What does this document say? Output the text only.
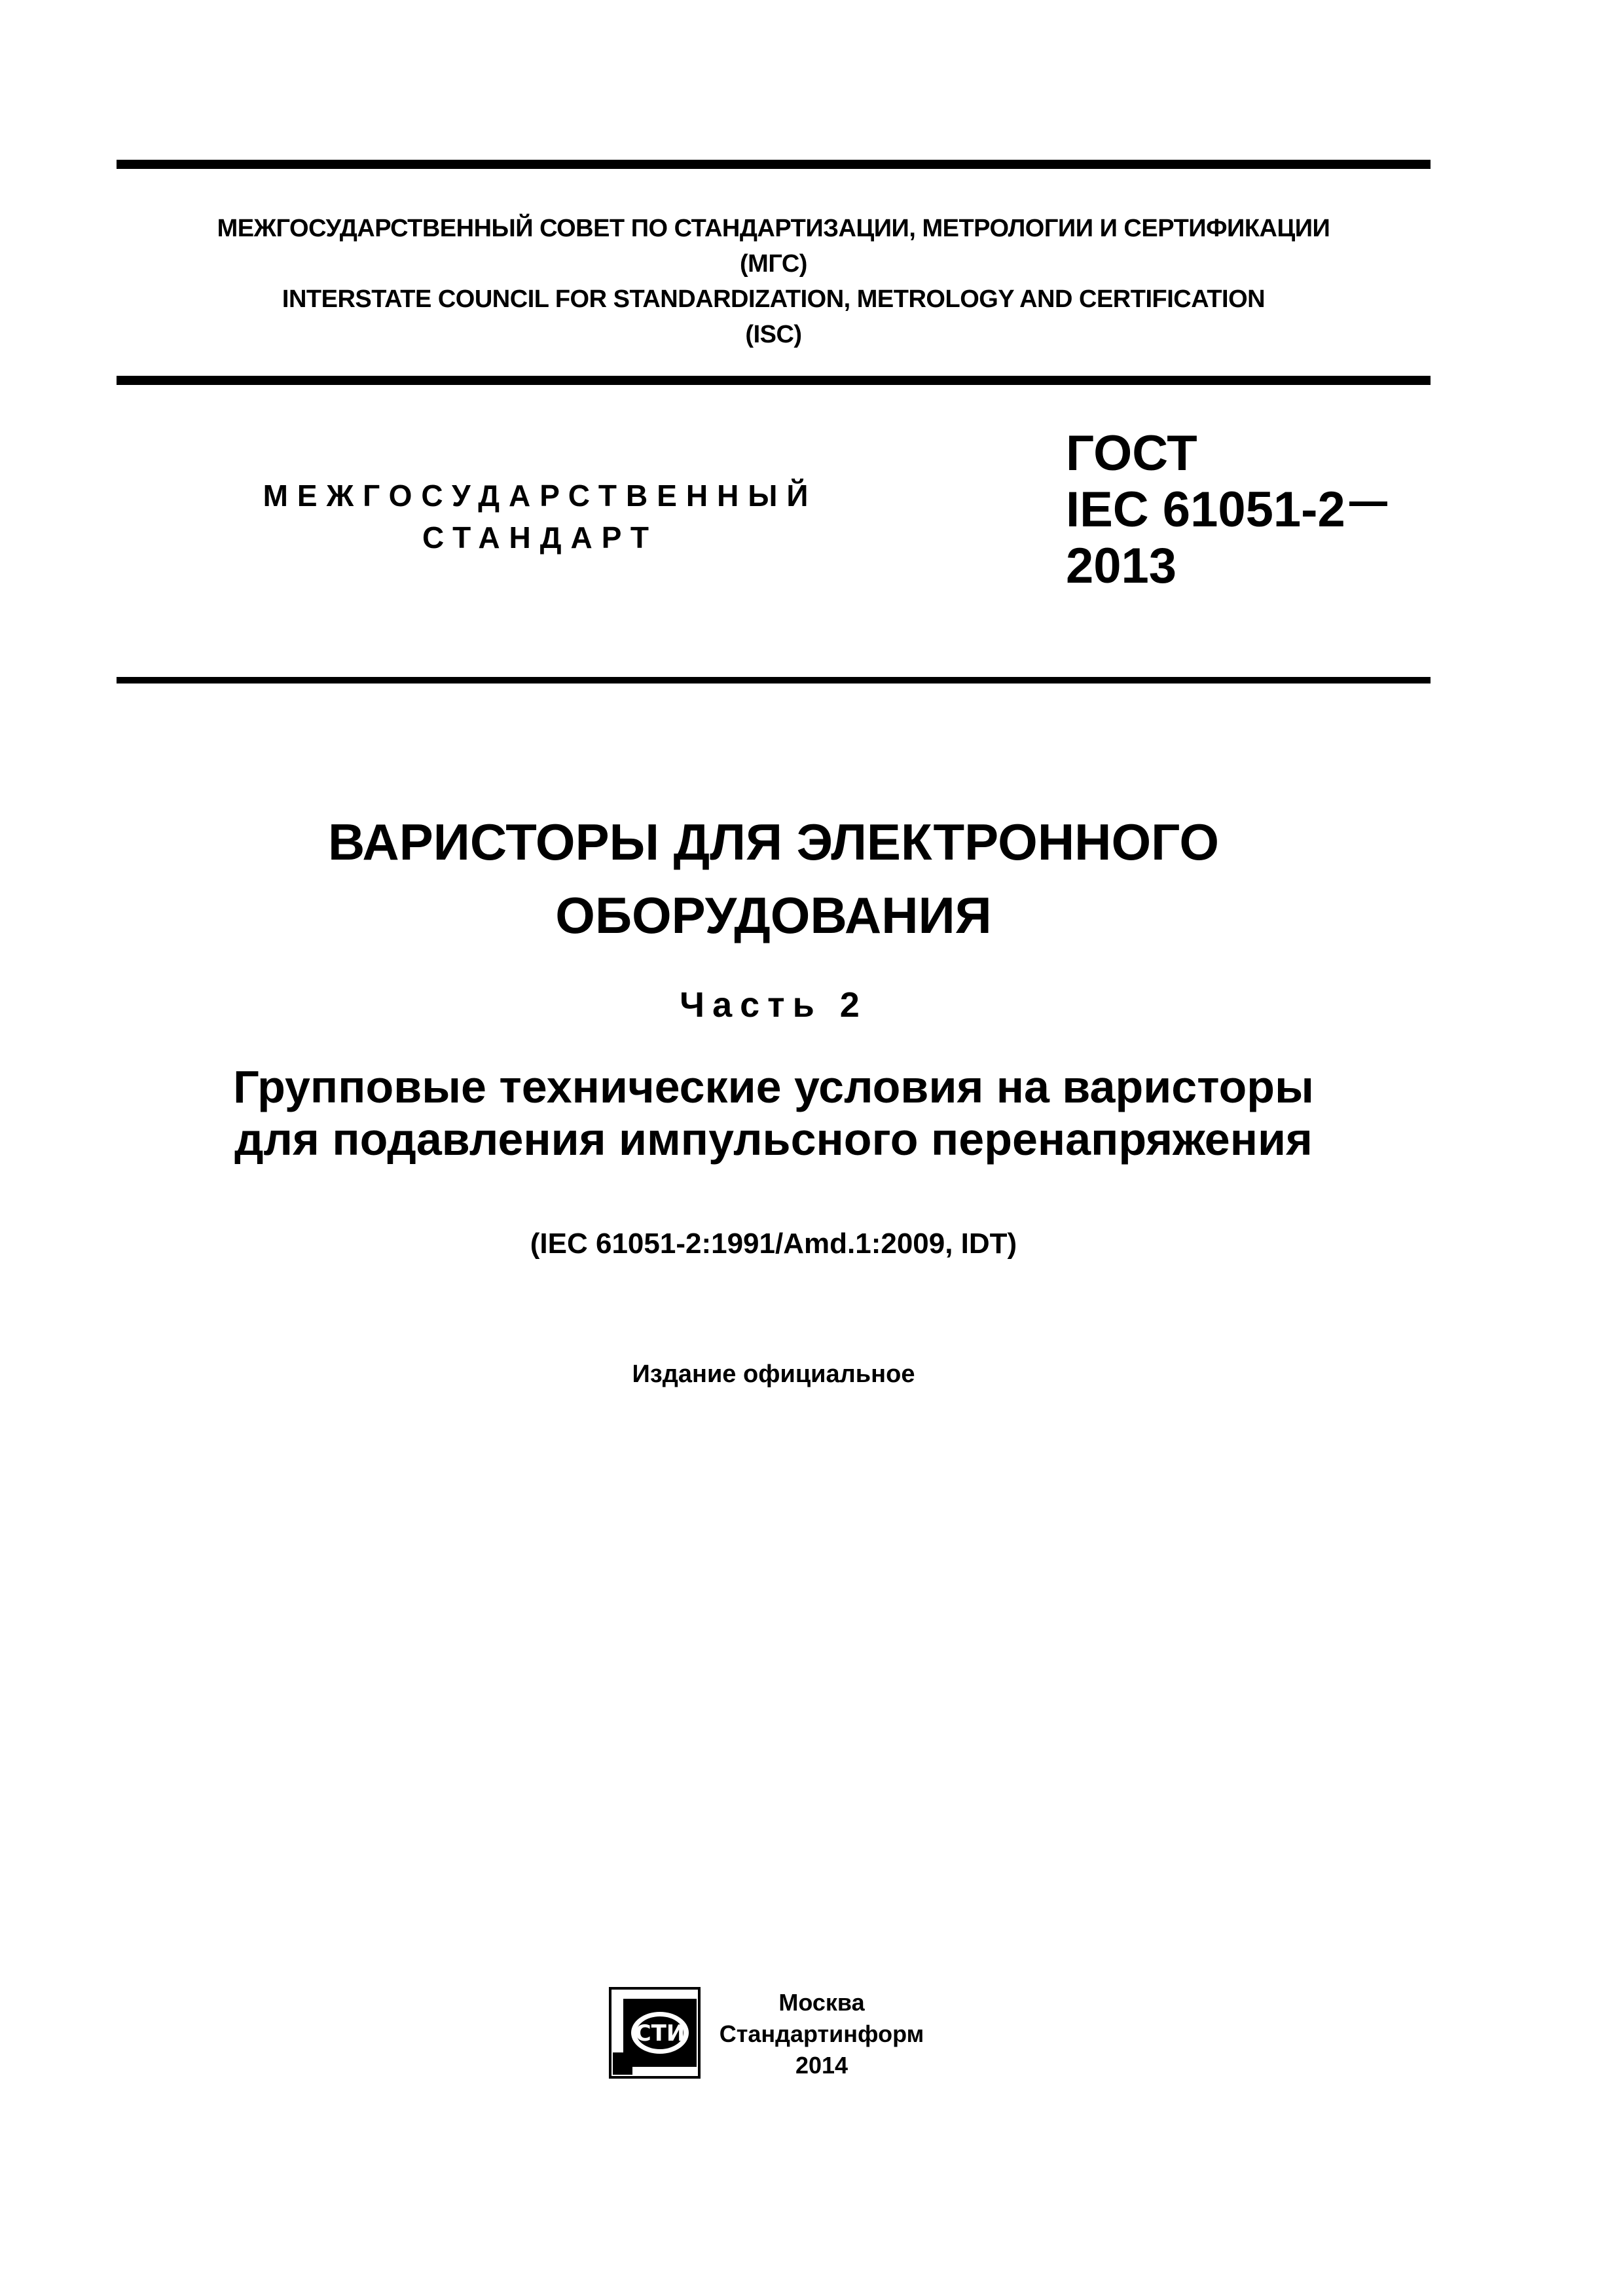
МЕЖГОСУДАРСТВЕННЫЙ СОВЕТ ПО СТАНДАРТИЗАЦИИ, МЕТРОЛОГИИ И СЕРТИФИКАЦИИ
(МГС)
INTERSTATE COUNCIL FOR STANDARDIZATION, METROLOGY AND CERTIFICATION
(ISC)
МЕЖГОСУДАРСТВЕННЫЙ
СТАНДАРТ
ГОСТ
IEC 61051-2
2013
ВАРИСТОРЫ ДЛЯ ЭЛЕКТРОННОГО
ОБОРУДОВАНИЯ
Часть 2
Групповые технические условия на варисторы
для подавления импульсного перенапряжения
(IEC 61051-2:1991/Amd.1:2009, IDT)
Издание официальное
СТИ
Москва
Стандартинформ
2014
